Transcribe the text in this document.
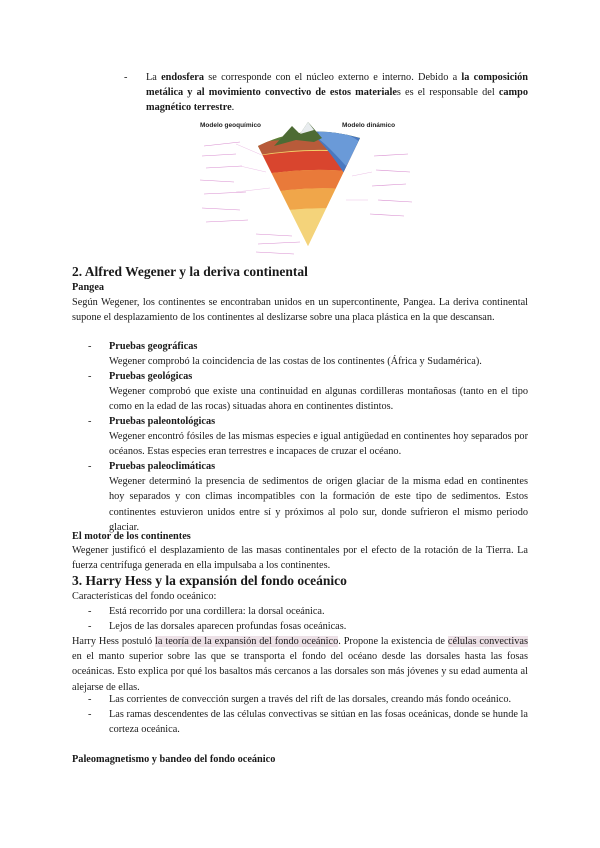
- La endosfera se corresponde con el núcleo externo e interno. Debido a la composición metálica y al movimiento convectivo de estos materiales es el responsable del campo magnético terrestre.

Modelo geoquímico	Modelo dinámico
2. Alfred Wegener y la deriva continental

Pangea

Según Wegener, los continentes se encontraban unidos en un supercontinente, Pangea. La deriva continental supone el desplazamiento de los continentes al deslizarse sobre una placa plástica en la que descansan.

- Pruebas geográficas

Wegener comprobó la coincidencia de las costas de los continentes (África y Sudamérica).

- Pruebas geológicas

Wegener comprobó que existe una continuidad en algunas cordilleras montañosas (tanto en el tipo como en la edad de las rocas) situadas ahora en continentes distintos.

- Pruebas paleontológicas

Wegener encontró fósiles de las mismas especies e igual antigüedad en continentes hoy separados por océanos. Estas especies eran terrestres e incapaces de cruzar el océano.

- Pruebas paleoclimáticas

Wegener determinó la presencia de sedimentos de origen glaciar de la misma edad en continentes hoy separados y con climas incompatibles con la formación de este tipo de sedimentos. Estos continentes estuvieron unidos entre sí y próximos al polo sur, donde sufrieron el mismo periodo glaciar.

El motor de los continentes

Wegener justificó el desplazamiento de las masas continentales por el efecto de la rotación de la Tierra. La fuerza centrífuga generada en ella impulsaba a los continentes.

3. Harry Hess y la expansión del fondo oceánico

Características del fondo oceánico:

- Está recorrido por una cordillera: la dorsal oceánica.

- Lejos de las dorsales aparecen profundas fosas oceánicas.

Harry Hess postuló la teoría de la expansión del fondo oceánico. Propone la existencia de células convectivas en el manto superior sobre las que se transporta el fondo del océano desde las dorsales hasta las fosas oceánicas. Esto explica por qué los basaltos más cercanos a las dorsales son más jóvenes y su edad aumenta al alejarse de ellas.

- Las corrientes de convección surgen a través del rift de las dorsales, creando más fondo oceánico.

- Las ramas descendentes de las células convectivas se sitúan en las fosas oceánicas, donde se hunde la corteza oceánica.

Paleomagnetismo y bandeo del fondo oceánico
